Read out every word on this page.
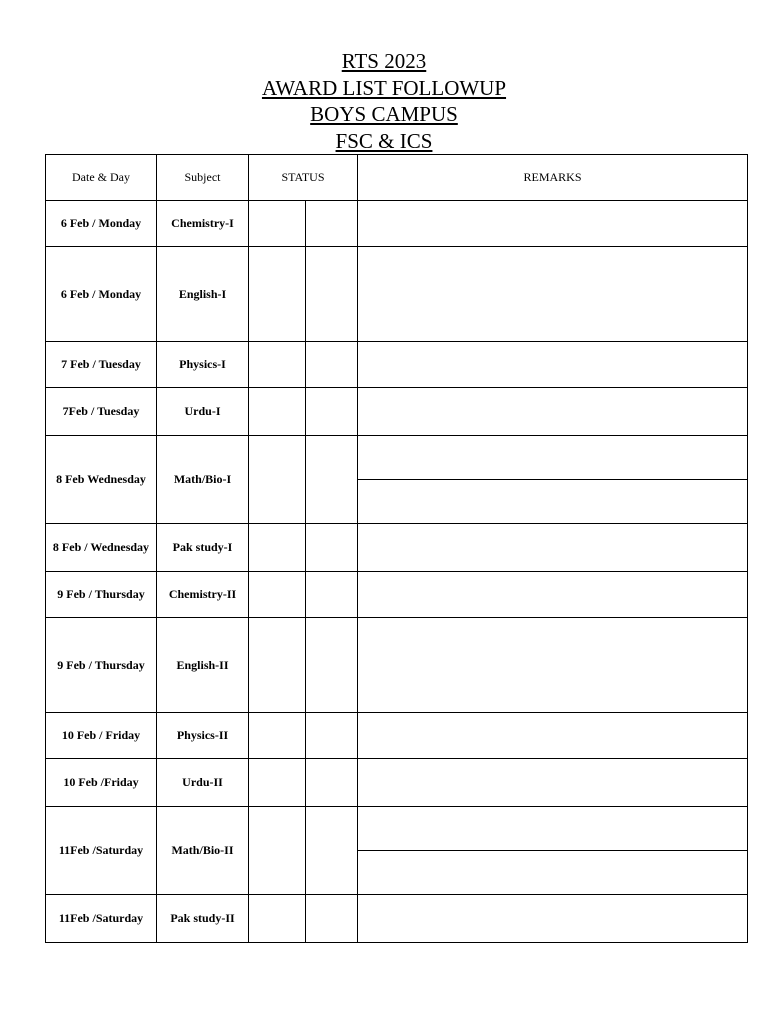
RTS 2023
AWARD LIST FOLLOWUP
BOYS CAMPUS
FSC & ICS
Date & Day	Subject	STATUS		REMARKS
6 Feb / Monday	Chemistry-I			
6 Feb / Monday	English-I			
7 Feb / Tuesday	Physics-I			
7Feb / Tuesday	Urdu-I			
8 Feb Wednesday	Math/Bio-I			

8 Feb / Wednesday	Pak study-I			
9 Feb / Thursday	Chemistry-II			
9 Feb / Thursday	English-II			
10 Feb / Friday	Physics-II			
10 Feb /Friday	Urdu-II			
11Feb /Saturday	Math/Bio-II			

11Feb /Saturday	Pak study-II			
